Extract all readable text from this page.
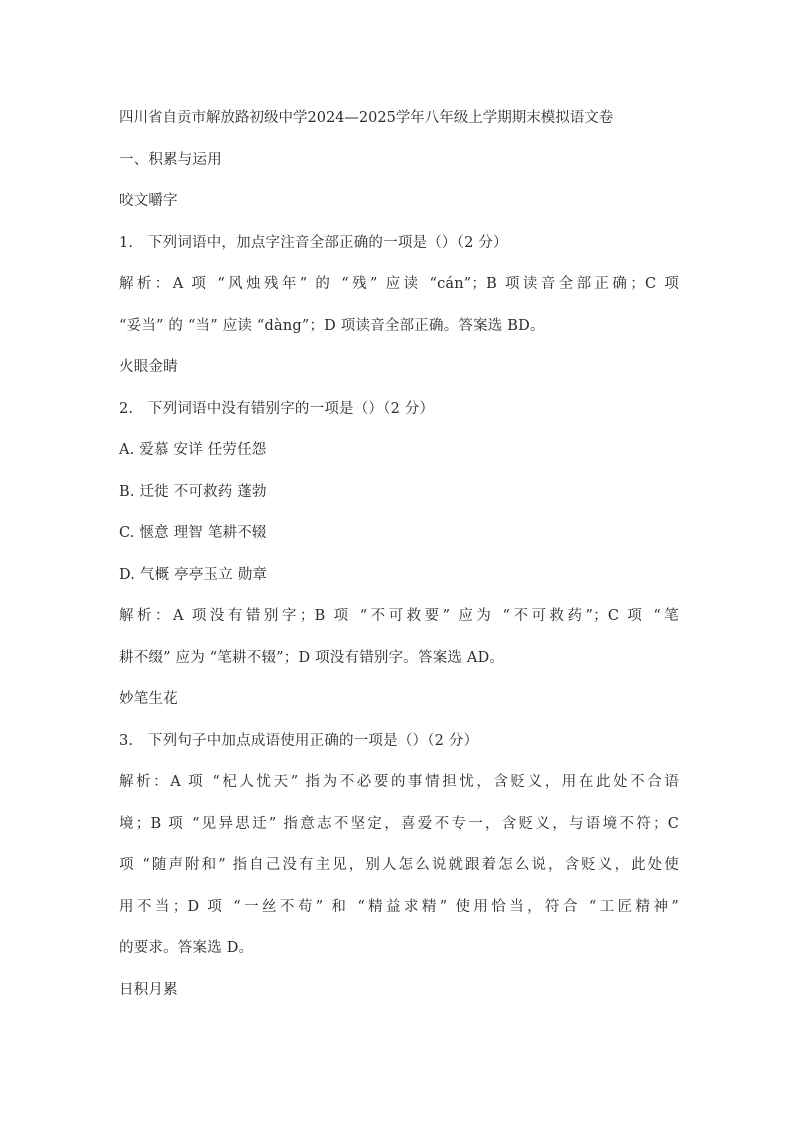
四川省自贡市解放路初级中学2024—2025学年八年级上学期期末模拟语文卷
一、积累与运用
咬文嚼字
1.　下列词语中，加点字注音全部正确的一项是（）（2 分）
解析：A 项 “风烛残年” 的 “残” 应读 “cán”；B 项读音全部正确；C 项
“妥当” 的 “当” 应读 “dàng”；D 项读音全部正确。答案选 BD。
火眼金睛
2.　下列词语中没有错别字的一项是（）（2 分）
A. 爱慕 安详 任劳任怨
B. 迁徙 不可救药 蓬勃
C. 惬意 理智 笔耕不辍
D. 气概 亭亭玉立 勋章
解析：A 项没有错别字；B 项 “不可救要” 应为 “不可救药”；C 项 “笔
耕不缀” 应为 “笔耕不辍”；D 项没有错别字。答案选 AD。
妙笔生花
3.　下列句子中加点成语使用正确的一项是（）（2 分）
解析：A 项 “杞人忧天” 指为不必要的事情担忧，含贬义，用在此处不合语
境；B 项 “见异思迁” 指意志不坚定，喜爱不专一，含贬义，与语境不符；C
项 “随声附和” 指自己没有主见，别人怎么说就跟着怎么说，含贬义，此处使
用不当；D 项 “一丝不苟” 和 “精益求精” 使用恰当，符合 “工匠精神”
的要求。答案选 D。
日积月累
